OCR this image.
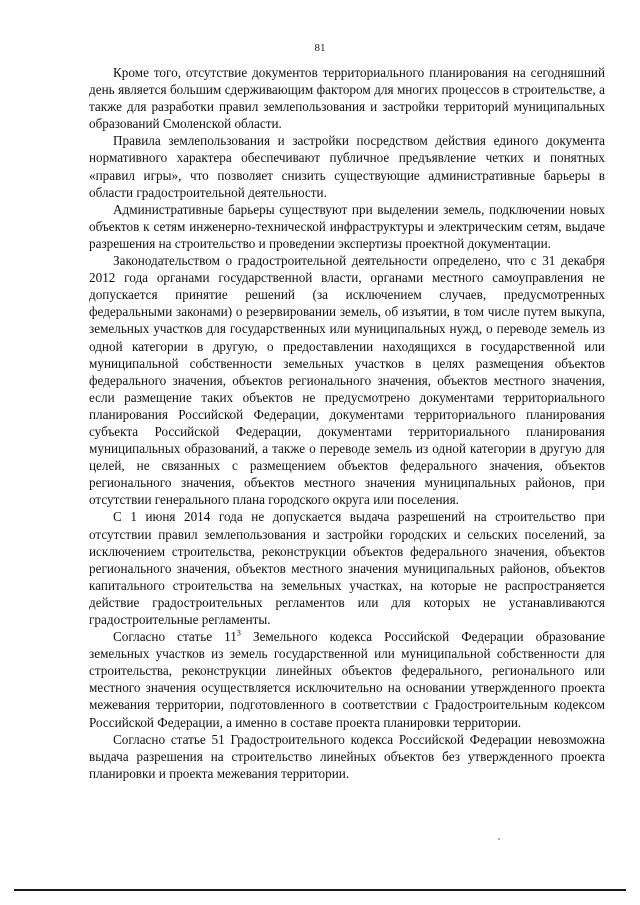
81

Кроме того, отсутствие документов территориального планирования на сегодняшний день является большим сдерживающим фактором для многих процессов в строительстве, а также для разработки правил землепользования и застройки территорий муниципальных образований Смоленской области.

Правила землепользования и застройки посредством действия единого документа нормативного характера обеспечивают публичное предъявление четких и понятных «правил игры», что позволяет снизить существующие административные барьеры в области градостроительной деятельности.

Административные барьеры существуют при выделении земель, подключении новых объектов к сетям инженерно-технической инфраструктуры и электрическим сетям, выдаче разрешения на строительство и проведении экспертизы проектной документации.

Законодательством о градостроительной деятельности определено, что с 31 декабря 2012 года органами государственной власти, органами местного самоуправления не допускается принятие решений (за исключением случаев, предусмотренных федеральными законами) о резервировании земель, об изъятии, в том числе путем выкупа, земельных участков для государственных или муниципальных нужд, о переводе земель из одной категории в другую, о предоставлении находящихся в государственной или муниципальной собственности земельных участков в целях размещения объектов федерального значения, объектов регионального значения, объектов местного значения, если размещение таких объектов не предусмотрено документами территориального планирования Российской Федерации, документами территориального планирования субъекта Российской Федерации, документами территориального планирования муниципальных образований, а также о переводе земель из одной категории в другую для целей, не связанных с размещением объектов федерального значения, объектов регионального значения, объектов местного значения муниципальных районов, при отсутствии генерального плана городского округа или поселения.

С 1 июня 2014 года не допускается выдача разрешений на строительство при отсутствии правил землепользования и застройки городских и сельских поселений, за исключением строительства, реконструкции объектов федерального значения, объектов регионального значения, объектов местного значения муниципальных районов, объектов капитального строительства на земельных участках, на которые не распространяется действие градостроительных регламентов или для которых не устанавливаются градостроительные регламенты.

Согласно статье $11^3$ Земельного кодекса Российской Федерации образование земельных участков из земель государственной или муниципальной собственности для строительства, реконструкции линейных объектов федерального, регионального или местного значения осуществляется исключительно на основании утвержденного проекта межевания территории, подготовленного в соответствии с Градостроительным кодексом Российской Федерации, а именно в составе проекта планировки территории.

Согласно статье 51 Градостроительного кодекса Российской Федерации невозможна выдача разрешения на строительство линейных объектов без утвержденного проекта планировки и проекта межевания территории.
